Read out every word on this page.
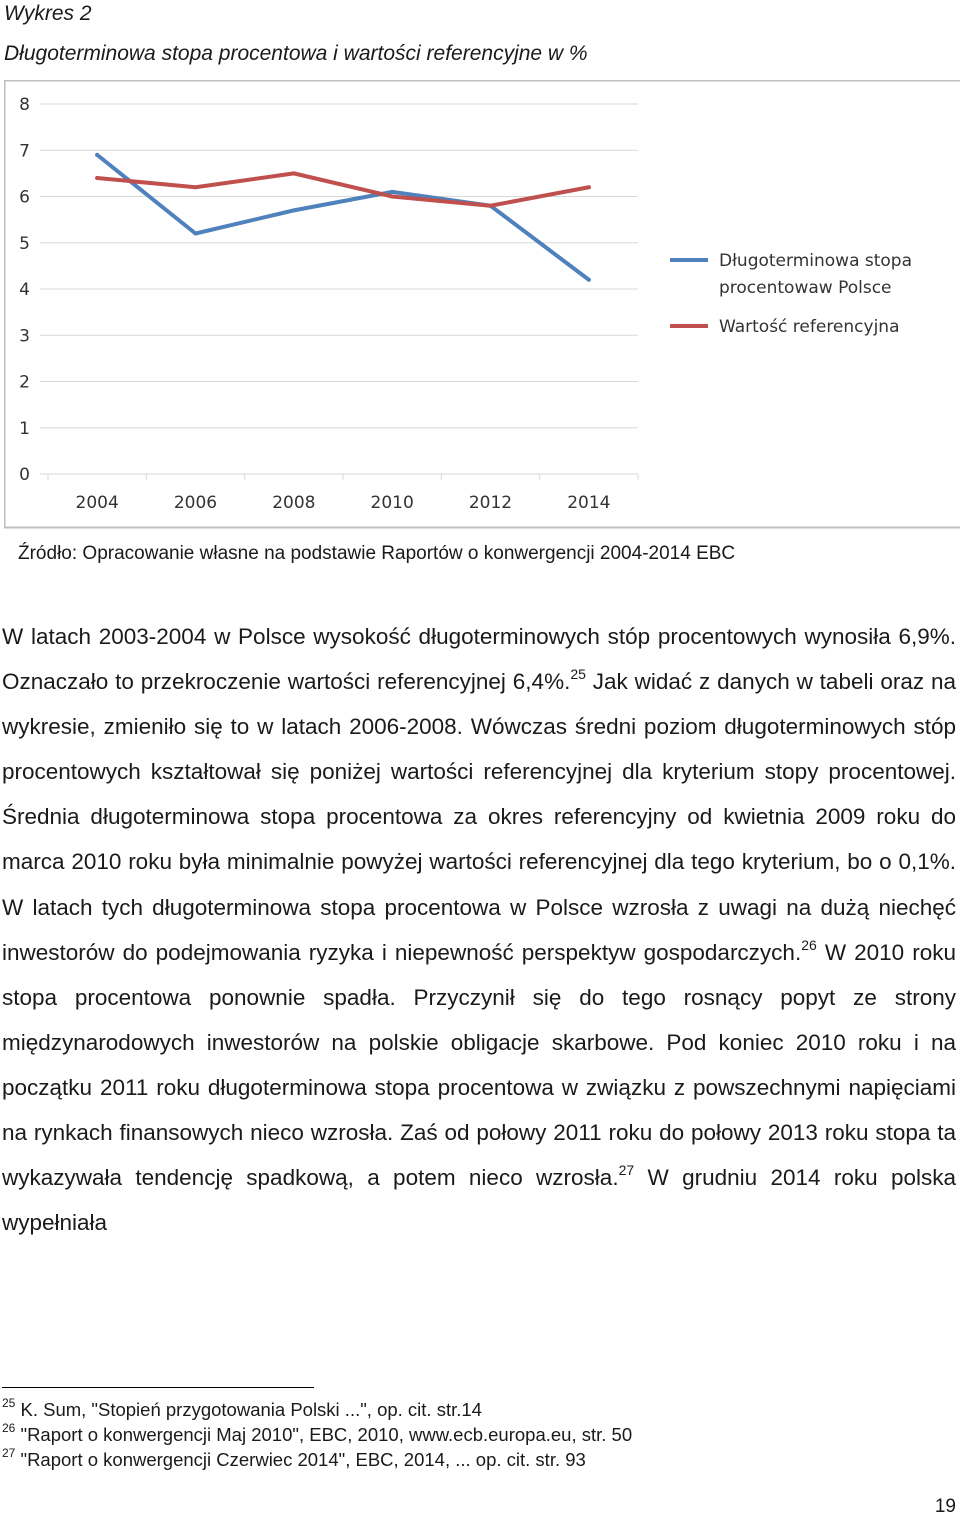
Wykres 2
Długoterminowa stopa procentowa i wartości referencyjne w %
0
1
2
3
4
5
6
7
8
2004	2006	2008	2010	2012	2014
Długoterminowa stopa
procentowaw Polsce
Wartość referencyjna
Źródło: Opracowanie własne na podstawie Raportów o konwergencji 2004-2014 EBC

W latach 2003-2004 w Polsce wysokość długoterminowych stóp procentowych wynosiła 6,9%. Oznaczało to przekroczenie wartości referencyjnej 6,4%.$^{25}$ Jak widać z danych w tabeli oraz na wykresie, zmieniło się to w latach 2006-2008. Wówczas średni poziom długoterminowych stóp procentowych kształtował się poniżej wartości referencyjnej dla kryterium stopy procentowej. Średnia długoterminowa stopa procentowa za okres referencyjny od kwietnia 2009 roku do marca 2010 roku była minimalnie powyżej wartości referencyjnej dla tego kryterium, bo o 0,1%. W latach tych długoterminowa stopa procentowa w Polsce wzrosła z uwagi na dużą niechęć inwestorów do podejmowania ryzyka i niepewność perspektyw gospodarczych.$^{26}$ W 2010 roku stopa procentowa ponownie spadła. Przyczynił się do tego rosnący popyt ze strony międzynarodowych inwestorów na polskie obligacje skarbowe. Pod koniec 2010 roku i na początku 2011 roku długoterminowa stopa procentowa w związku z powszechnymi napięciami na rynkach finansowych nieco wzrosła. Zaś od połowy 2011 roku do połowy 2013 roku stopa ta wykazywała tendencję spadkową, a potem nieco wzrosła.$^{27}$ W grudniu 2014 roku polska wypełniała

$^{25}$ K. Sum, "Stopień przygotowania Polski ...", op. cit. str.14
$^{26}$ "Raport o konwergencji Maj 2010", EBC, 2010, www.ecb.europa.eu, str. 50
$^{27}$ "Raport o konwergencji Czerwiec 2014", EBC, 2014, ... op. cit. str. 93
19
